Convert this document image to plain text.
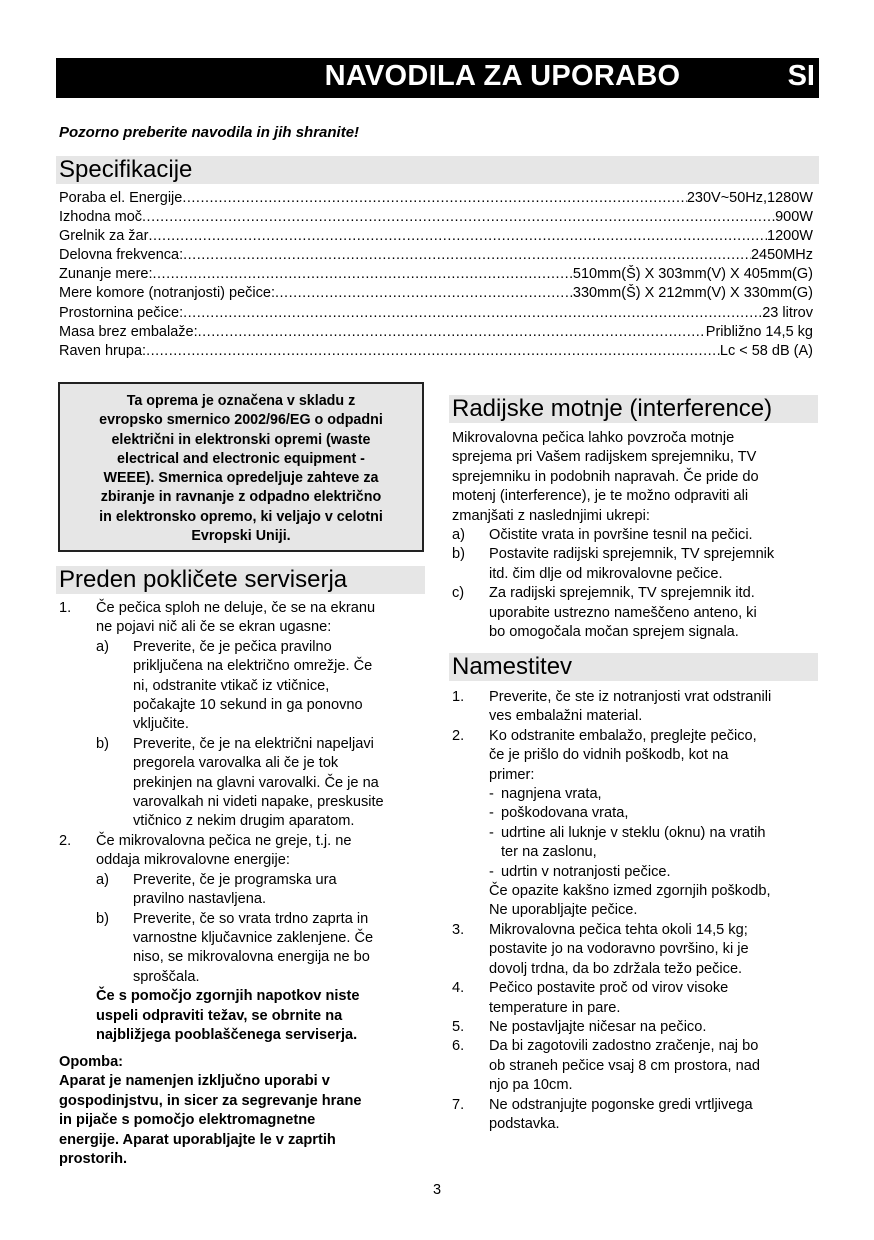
NAVODILA ZA UPORABO	SI
Pozorno preberite navodila in jih shranite!
Specifikacije
Poraba el. Energije .....	230V~50Hz,1280W
Izhodna moč .....	900W
Grelnik za žar .....	1200W
Delovna frekvenca: .....	2450MHz
Zunanje mere: .....	510mm(Š) X 303mm(V) X 405mm(G)
Mere komore (notranjosti) pečice: .....	330mm(Š) X 212mm(V) X 330mm(G)
Prostornina pečice: .....	23 litrov
Masa brez embalaže: .....	Približno 14,5 kg
Raven hrupa: .....	Lc < 58 dB (A)
Ta oprema je označena v skladu z
evropsko smernico 2002/96/EG o odpadni
električni in elektronski opremi (waste
electrical and electronic equipment -
WEEE). Smernica opredeljuje zahteve za
zbiranje in ravnanje z odpadno električno
in elektronsko opremo, ki veljajo v celotni
Evropski Uniji.
Preden pokličete serviserja
1.	Če pečica sploh ne deluje, če se na ekranu
ne pojavi nič ali če se ekran ugasne:
a)	Preverite, če je pečica pravilno
priključena na električno omrežje. Če
ni, odstranite vtikač iz vtičnice,
počakajte 10 sekund in ga ponovno
vključite.
b)	Preverite, če je na električni napeljavi
pregorela varovalka ali če je tok
prekinjen na glavni varovalki. Če je na
varovalkah ni videti napake, preskusite
vtičnico z nekim drugim aparatom.
2.	Če mikrovalovna pečica ne greje, t.j. ne
oddaja mikrovalovne energije:
a)	Preverite, če je programska ura
pravilno nastavljena.
b)	Preverite, če so vrata trdno zaprta in
varnostne ključavnice zaklenjene. Če
niso, se mikrovalovna energija ne bo
sproščala.
Če s pomočjo zgornjih napotkov niste
uspeli odpraviti težav, se obrnite na
najbližjega pooblaščenega serviserja.
Opomba:
Aparat je namenjen izključno uporabi v
gospodinjstvu, in sicer za segrevanje hrane
in pijače s pomočjo elektromagnetne
energije. Aparat uporabljajte le v zaprtih
prostorih.
Radijske motnje (interference)
Mikrovalovna pečica lahko povzroča motnje
sprejema pri Vašem radijskem sprejemniku, TV
sprejemniku in podobnih napravah. Če pride do
motenj (interference), je te možno odpraviti ali
zmanjšati z naslednjimi ukrepi:
a)	Očistite vrata in površine tesnil na pečici.
b)	Postavite radijski sprejemnik, TV sprejemnik
itd. čim dlje od mikrovalovne pečice.
c)	Za radijski sprejemnik, TV sprejemnik itd.
uporabite ustrezno nameščeno anteno, ki
bo omogočala močan sprejem signala.
Namestitev
1.	Preverite, če ste iz notranjosti vrat odstranili
ves embalažni material.
2.	Ko odstranite embalažo, preglejte pečico,
če je prišlo do vidnih poškodb, kot na
primer:
- nagnjena vrata,
- poškodovana vrata,
- udrtine ali luknje v steklu (oknu) na vratih
ter na zaslonu,
- udrtin v notranjosti pečice.
Če opazite kakšno izmed zgornjih poškodb,
Ne uporabljajte pečice.
3.	Mikrovalovna pečica tehta okoli 14,5 kg;
postavite jo na vodoravno površino, ki je
dovolj trdna, da bo zdržala težo pečice.
4.	Pečico postavite proč od virov visoke
temperature in pare.
5.	Ne postavljajte ničesar na pečico.
6.	Da bi zagotovili zadostno zračenje, naj bo
ob straneh pečice vsaj 8 cm prostora, nad
njo pa 10cm.
7.	Ne odstranjujte pogonske gredi vrtljivega
podstavka.
3
